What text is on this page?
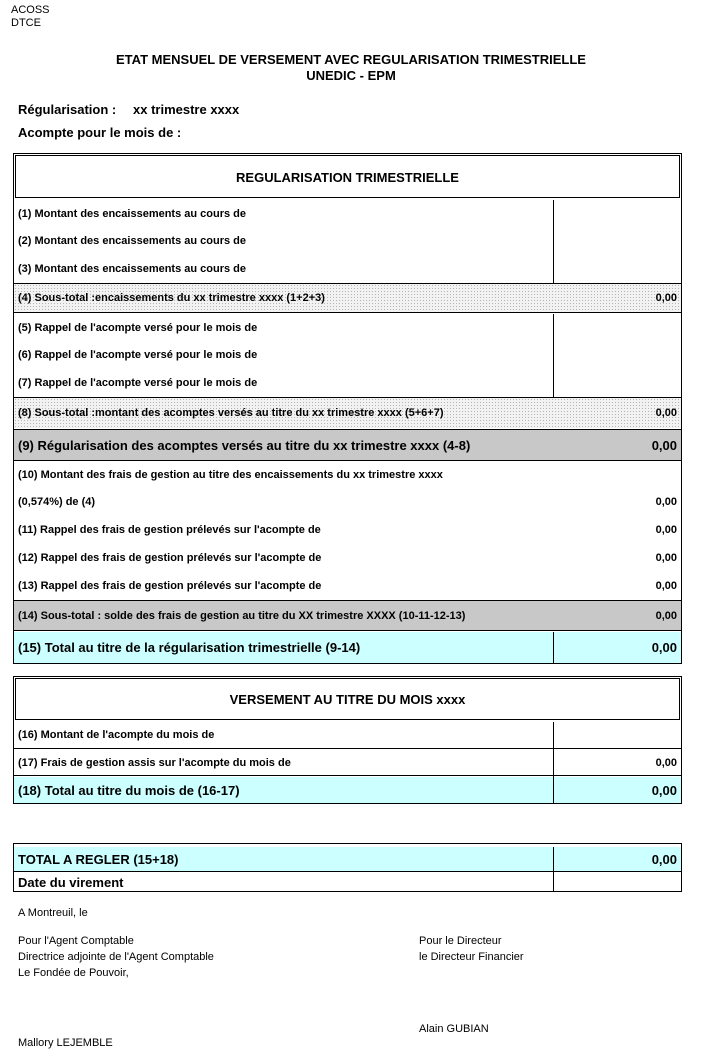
ACOSS
DTCE
ETAT MENSUEL DE VERSEMENT AVEC REGULARISATION TRIMESTRIELLE
UNEDIC - EPM
Régularisation : xx trimestre xxxx
Acompte pour le mois de :
REGULARISATION TRIMESTRIELLE
(1) Montant des encaissements au cours de
(2) Montant des encaissements au cours de
(3) Montant des encaissements au cours de
(4) Sous-total :encaissements du xx trimestre xxxx (1+2+3)	0,00
(5) Rappel de l'acompte versé pour le mois de
(6) Rappel de l'acompte versé pour le mois de
(7) Rappel de l'acompte versé pour le mois de
(8) Sous-total :montant des acomptes versés au titre du xx trimestre xxxx (5+6+7)	0,00
(9) Régularisation des acomptes versés au titre du xx trimestre xxxx (4-8)	0,00
(10) Montant des frais de gestion au titre des encaissements du xx trimestre xxxx
(0,574%) de (4)	0,00
(11) Rappel des frais de gestion prélevés sur l'acompte de	0,00
(12) Rappel des frais de gestion prélevés sur l'acompte de	0,00
(13) Rappel des frais de gestion prélevés sur l'acompte de	0,00
(14) Sous-total : solde des frais de gestion au titre du XX trimestre XXXX (10-11-12-13)	0,00
(15) Total au titre de la régularisation trimestrielle (9-14)	0,00
VERSEMENT AU TITRE DU MOIS xxxx
(16) Montant de l'acompte du mois de
(17) Frais de gestion assis sur l'acompte du mois de	0,00
(18) Total au titre du mois de (16-17)	0,00
TOTAL A REGLER (15+18)	0,00
Date du virement
A Montreuil, le
Pour l'Agent Comptable
Directrice adjointe de l'Agent Comptable
Le Fondée de Pouvoir,
Mallory LEJEMBLE
Pour le Directeur
le Directeur Financier
Alain GUBIAN
